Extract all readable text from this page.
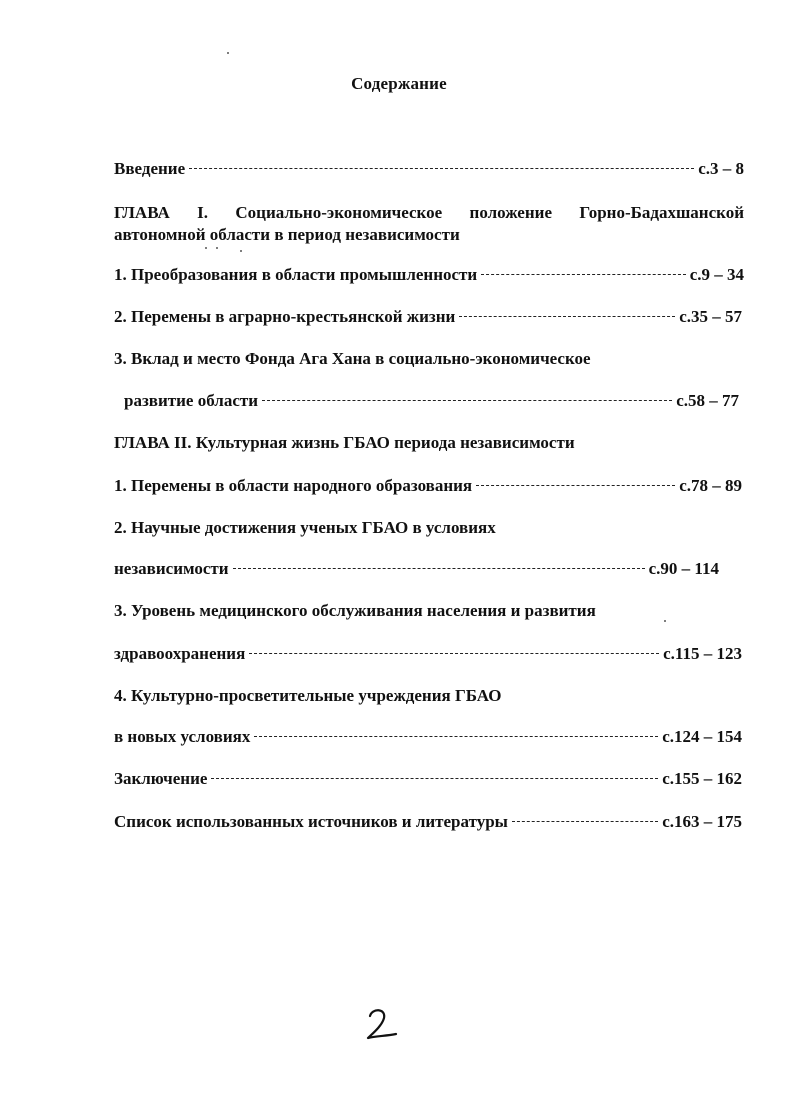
Содержание
Введение	с.3 – 8
ГЛАВА I. Социально-экономическое положение Горно-Бадахшанской автономной области в период независимости
1. Преобразования в области промышленности	с.9 – 34
2. Перемены в аграрно-крестьянской жизни	с.35 – 57
3. Вклад и место Фонда Ага Хана в социально-экономическое
развитие области	с.58 – 77
ГЛАВА II. Культурная жизнь ГБАО периода независимости
1. Перемены в области народного образования	с.78 – 89
2. Научные достижения ученых ГБАО в условиях
независимости	с.90 – 114
3. Уровень медицинского обслуживания населения и развития
здравоохранения	с.115 – 123
4. Культурно-просветительные учреждения ГБАО
в новых условиях	с.124 – 154
Заключение	с.155 – 162
Список использованных источников и литературы	с.163 – 175
2
